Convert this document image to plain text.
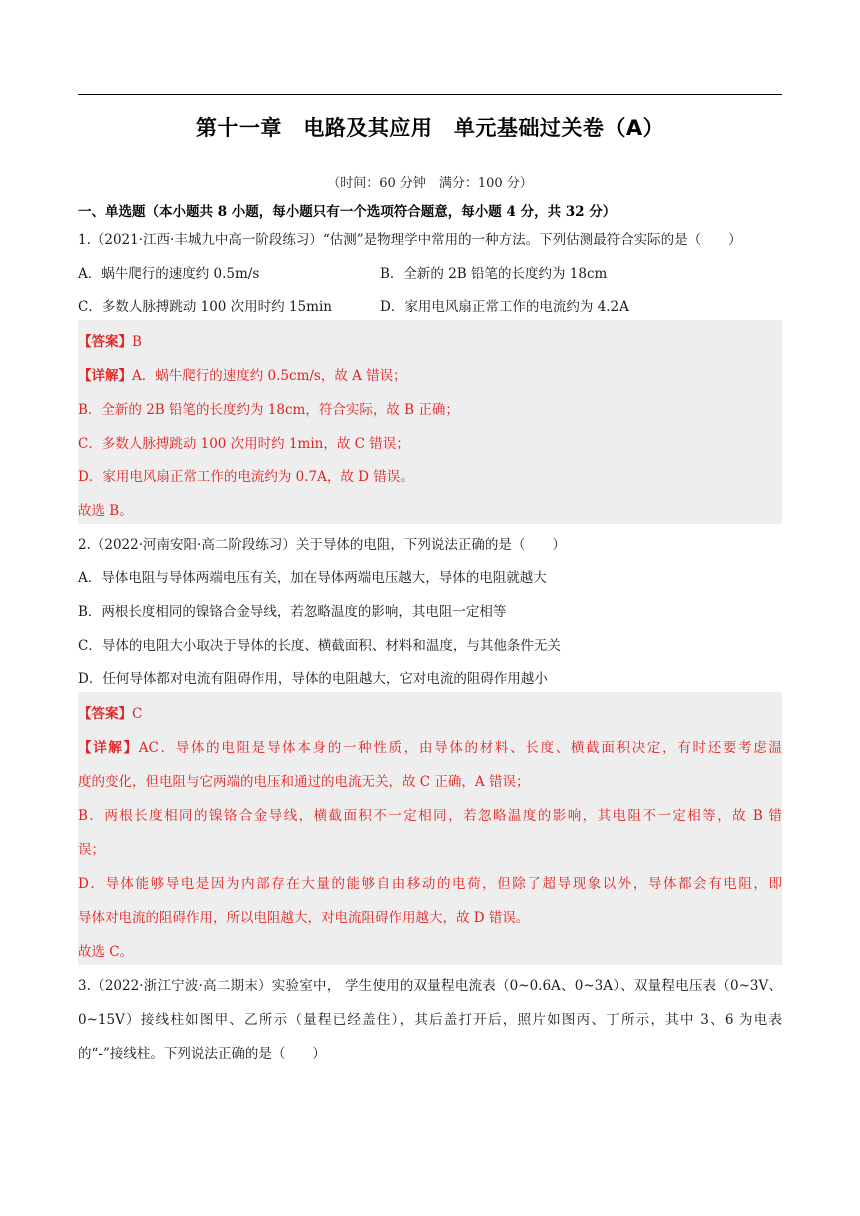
第十一章　电路及其应用　单元基础过关卷（A）
（时间：60 分钟　满分：100 分）
一、单选题（本小题共 8 小题，每小题只有一个选项符合题意，每小题 4 分，共 32 分）
1.（2021·江西·丰城九中高一阶段练习）“估测”是物理学中常用的一种方法。下列估测最符合实际的是（　　）
A．蜗牛爬行的速度约 0.5m/s	B．全新的 2B 铅笔的长度约为 18cm
C．多数人脉搏跳动 100 次用时约 15min	D．家用电风扇正常工作的电流约为 4.2A
【答案】B
【详解】A．蜗牛爬行的速度约 0.5cm/s，故 A 错误；
B．全新的 2B 铅笔的长度约为 18cm，符合实际，故 B 正确；
C．多数人脉搏跳动 100 次用时约 1min，故 C 错误；
D．家用电风扇正常工作的电流约为 0.7A，故 D 错误。
故选 B。
2.（2022·河南安阳·高二阶段练习）关于导体的电阻，下列说法正确的是（　　）
A．导体电阻与导体两端电压有关，加在导体两端电压越大，导体的电阻就越大
B．两根长度相同的镍铬合金导线，若忽略温度的影响，其电阻一定相等
C．导体的电阻大小取决于导体的长度、横截面积、材料和温度，与其他条件无关
D．任何导体都对电流有阻碍作用，导体的电阻越大，它对电流的阻碍作用越小
【答案】C
【详解】AC．导体的电阻是导体本身的一种性质，由导体的材料、长度、横截面积决定，有时还要考虑温
度的变化，但电阻与它两端的电压和通过的电流无关，故 C 正确，A 错误；
B．两根长度相同的镍铬合金导线，横截面积不一定相同，若忽略温度的影响，其电阻不一定相等，故 B 错
误；
D．导体能够导电是因为内部存在大量的能够自由移动的电荷，但除了超导现象以外，导体都会有电阻，即
导体对电流的阻碍作用，所以电阻越大，对电流阻碍作用越大，故 D 错误。
故选 C。
3.（2022·浙江宁波·高二期末）实验室中， 学生使用的双量程电流表（0~0.6A、0~3A）、双量程电压表（0~3V、
0~15V）接线柱如图甲、乙所示（量程已经盖住），其后盖打开后，照片如图丙、丁所示，其中 3、6 为电表
的“-”接线柱。下列说法正确的是（　　）
